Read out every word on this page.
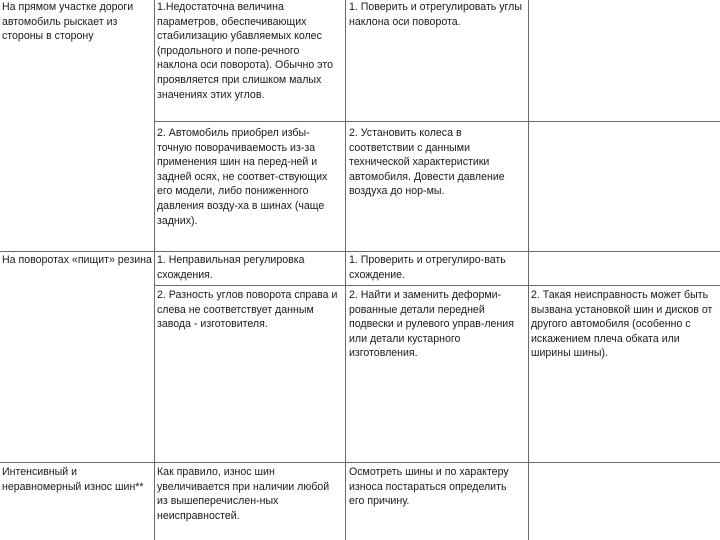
На прямом участке дороги
автомобиль рыскает из
стороны в сторону
1.Недостаточна величина
параметров, обеспечивающих
стабилизацию убавляемых колес
(продольного и попе-речного
наклона оси поворота). Обычно это
проявляется при слишком малых
значениях этих углов.
1. Поверить и отрегулировать углы
наклона оси поворота.
2. Автомобиль приобрел избы-
точную поворачиваемость из-за
применения шин на перед-ней и
задней осях, не соответ-ствующих
его модели, либо пониженного
давления возду-ха в шинах (чаще
задних).
2. Установить колеса в
соответствии с данными
технической характеристики
автомобиля. Довести давление
воздуха до нор-мы.
На поворотах «пищит» резина 1. Неправильная регулировка
схождения.
1. Проверить и отрегулиро-вать
схождение.
2. Разность углов поворота справа и
слева не соответствует данным
завода - изготовителя.
2. Найти и заменить деформи-
рованные детали передней
подвески и рулевого управ-ления
или детали кустарного
изготовления.
2. Такая неисправность может быть
вызвана установкой шин и дисков от
другого автомобиля (особенно с
искажением плеча обката или
ширины шины).
Интенсивный и
неравномерный износ шин**
Как правило, износ шин
увеличивается при наличии любой
из вышеперечислен-ных
неисправностей.
Осмотреть шины и по характеру
износа постараться определить
его причину.
